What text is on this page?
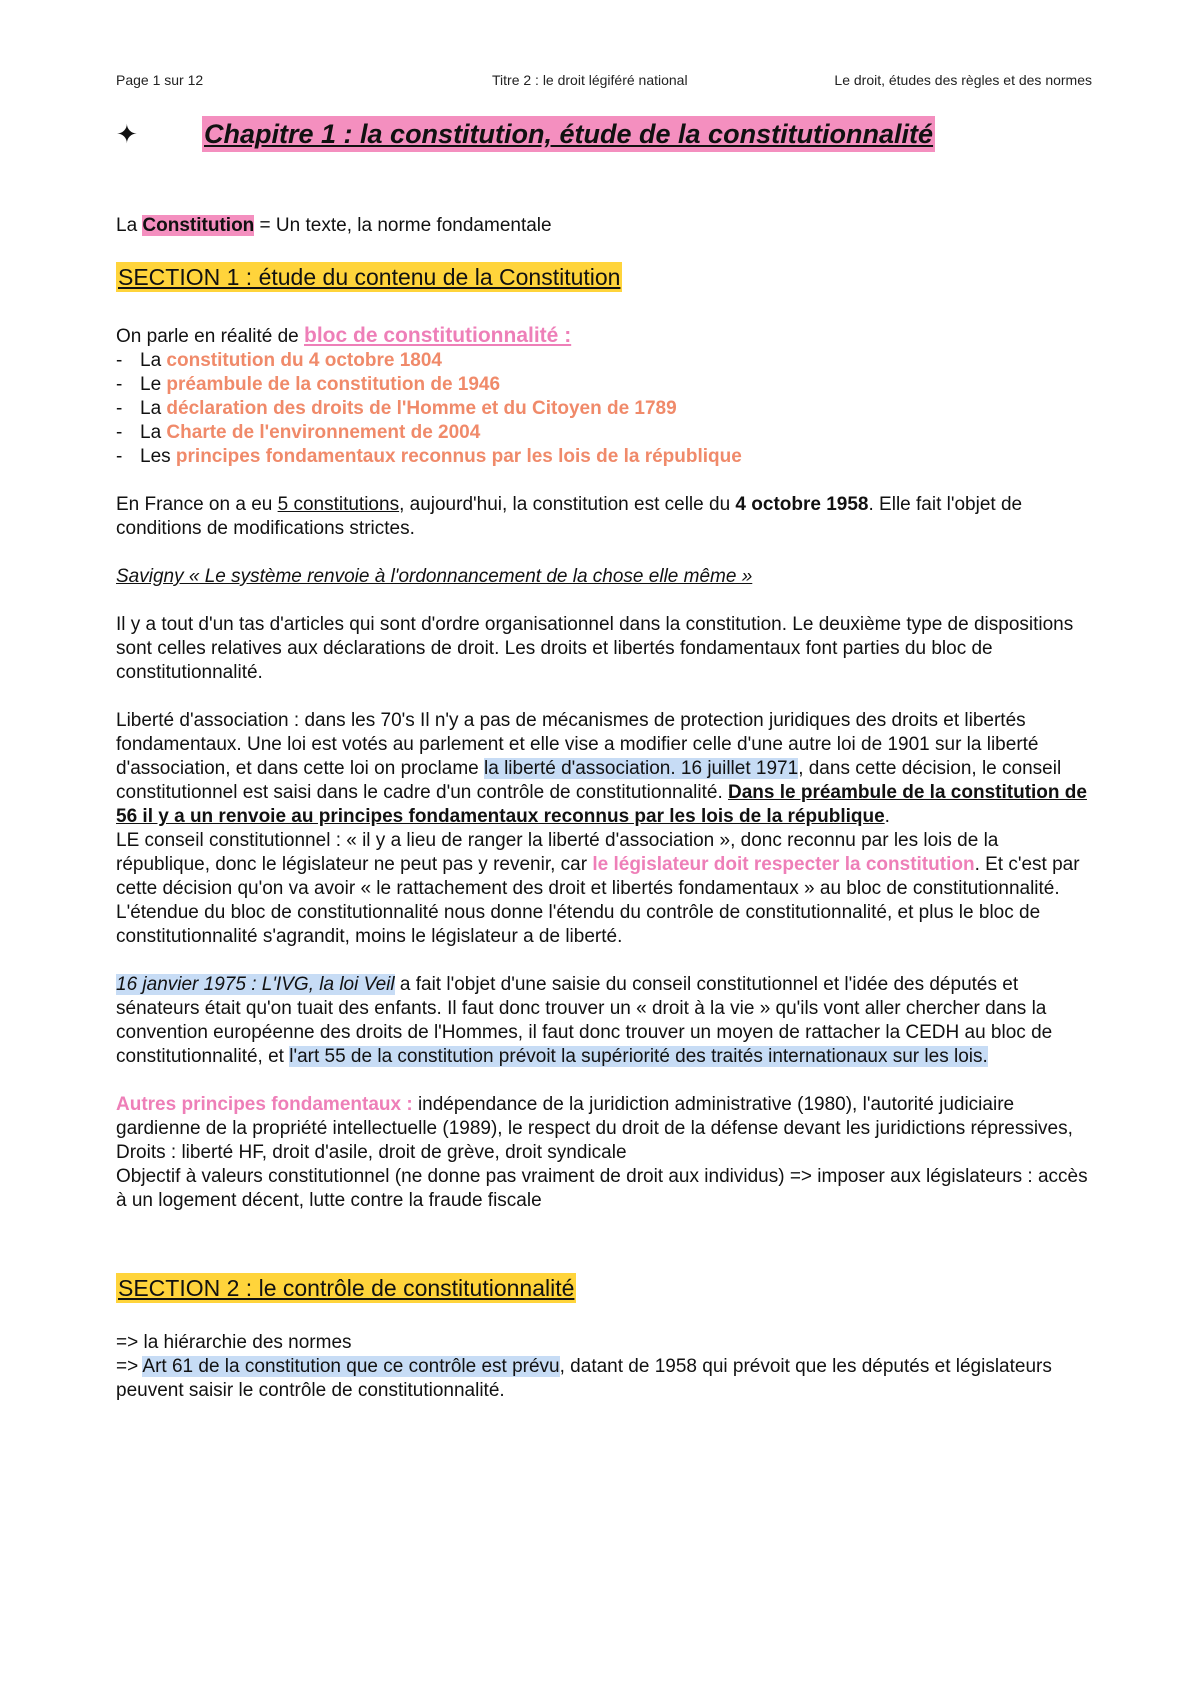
Page 1 sur 12	Titre 2 : le droit légiféré national	Le droit, études des règles et des normes
✦ Chapitre 1 : la constitution, étude de la constitutionnalité

La Constitution = Un texte, la norme fondamentale

SECTION 1 : étude du contenu de la Constitution

On parle en réalité de bloc de constitutionnalité :

- La constitution du 4 octobre 1804
- Le préambule de la constitution de 1946
- La déclaration des droits de l'Homme et du Citoyen de 1789
- La Charte de l'environnement de 2004
- Les principes fondamentaux reconnus par les lois de la république

En France on a eu 5 constitutions, aujourd'hui, la constitution est celle du 4 octobre 1958. Elle fait l'objet de conditions de modifications strictes.

Savigny « Le système renvoie à l'ordonnancement de la chose elle même »

Il y a tout d'un tas d'articles qui sont d'ordre organisationnel dans la constitution. Le deuxième type de dispositions sont celles relatives aux déclarations de droit. Les droits et libertés fondamentaux font parties du bloc de constitutionnalité.

Liberté d'association : dans les 70's Il n'y a pas de mécanismes de protection juridiques des droits et libertés fondamentaux. Une loi est votés au parlement et elle vise a modifier celle d'une autre loi de 1901 sur la liberté d'association, et dans cette loi on proclame la liberté d'association. 16 juillet 1971, dans cette décision, le conseil constitutionnel est saisi dans le cadre d'un contrôle de constitutionnalité. Dans le préambule de la constitution de 56 il y a un renvoie au principes fondamentaux reconnus par les lois de la république.

LE conseil constitutionnel : « il y a lieu de ranger la liberté d'association », donc reconnu par les lois de la république, donc le législateur ne peut pas y revenir, car le législateur doit respecter la constitution. Et c'est par cette décision qu'on va avoir « le rattachement des droit et libertés fondamentaux » au bloc de constitutionnalité.

L'étendue du bloc de constitutionnalité nous donne l'étendu du contrôle de constitutionnalité, et plus le bloc de constitutionnalité s'agrandit, moins le législateur a de liberté.

16 janvier 1975 : L'IVG, la loi Veil a fait l'objet d'une saisie du conseil constitutionnel et l'idée des députés et sénateurs était qu'on tuait des enfants. Il faut donc trouver un « droit à la vie » qu'ils vont aller chercher dans la convention européenne des droits de l'Hommes, il faut donc trouver un moyen de rattacher la CEDH au bloc de constitutionnalité, et l'art 55 de la constitution prévoit la supériorité des traités internationaux sur les lois.

Autres principes fondamentaux : indépendance de la juridiction administrative (1980), l'autorité judiciaire gardienne de la propriété intellectuelle (1989), le respect du droit de la défense devant les juridictions répressives,

Droits : liberté HF, droit d'asile, droit de grève, droit syndicale

Objectif à valeurs constitutionnel (ne donne pas vraiment de droit aux individus) => imposer aux législateurs : accès à un logement décent, lutte contre la fraude fiscale

SECTION 2 : le contrôle de constitutionnalité

=> la hiérarchie des normes

=> Art 61 de la constitution que ce contrôle est prévu, datant de 1958 qui prévoit que les députés et législateurs peuvent saisir le contrôle de constitutionnalité.
